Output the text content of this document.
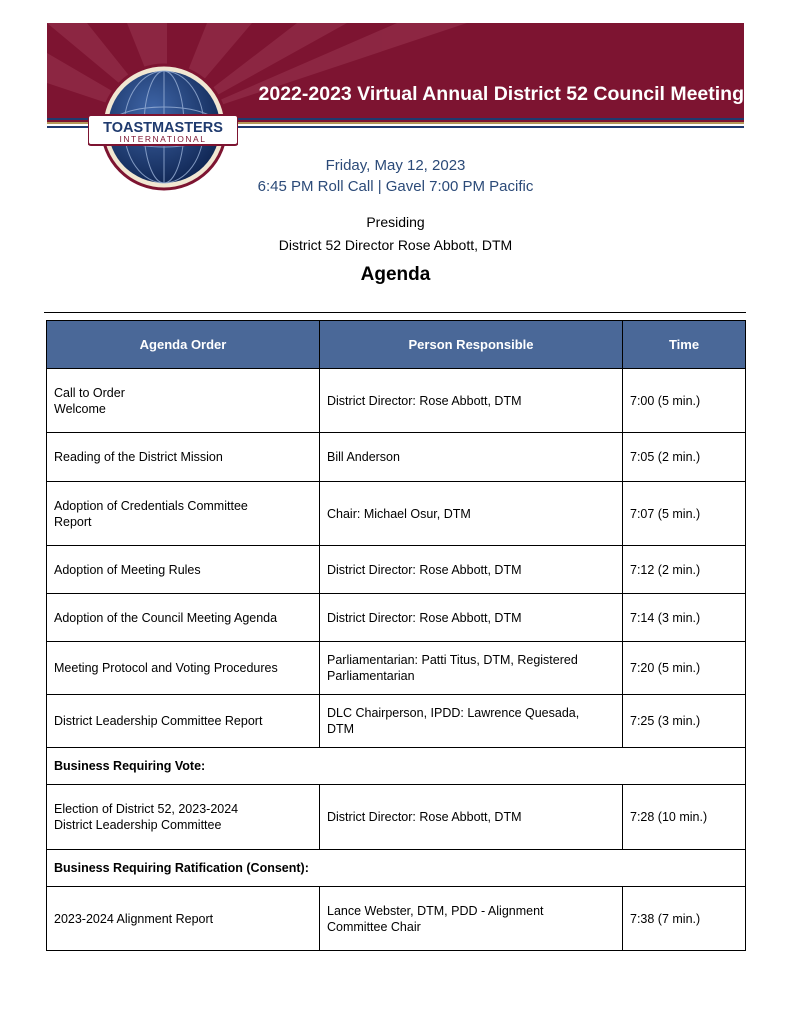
2022-2023 Virtual Annual District 52 Council Meeting
TOASTMASTERS
INTERNATIONAL
Friday, May 12, 2023
6:45 PM Roll Call | Gavel 7:00 PM Pacific
Presiding
District 52 Director Rose Abbott, DTM
Agenda
Agenda Order	Person Responsible	Time

Call to Order
Welcome	District Director: Rose Abbott, DTM	7:00 (5 min.)

Reading of the District Mission	Bill Anderson	7:05 (2 min.)

Adoption of Credentials Committee
Report	Chair: Michael Osur, DTM	7:07 (5 min.)

Adoption of Meeting Rules	District Director: Rose Abbott, DTM	7:12 (2 min.)

Adoption of the Council Meeting Agenda	District Director: Rose Abbott, DTM	7:14 (3 min.)

Meeting Protocol and Voting Procedures	Parliamentarian: Patti Titus, DTM, Registered
Parliamentarian	7:20 (5 min.)

District Leadership Committee Report	DLC Chairperson, IPDD: Lawrence Quesada,
DTM	7:25 (3 min.)
Business Requiring Vote:		

Election of District 52, 2023-2024
District Leadership Committee	District Director: Rose Abbott, DTM	7:28 (10 min.)
Business Requiring Ratification (Consent):		

2023-2024 Alignment Report	Lance Webster, DTM, PDD - Alignment
Committee Chair	7:38 (7 min.)
